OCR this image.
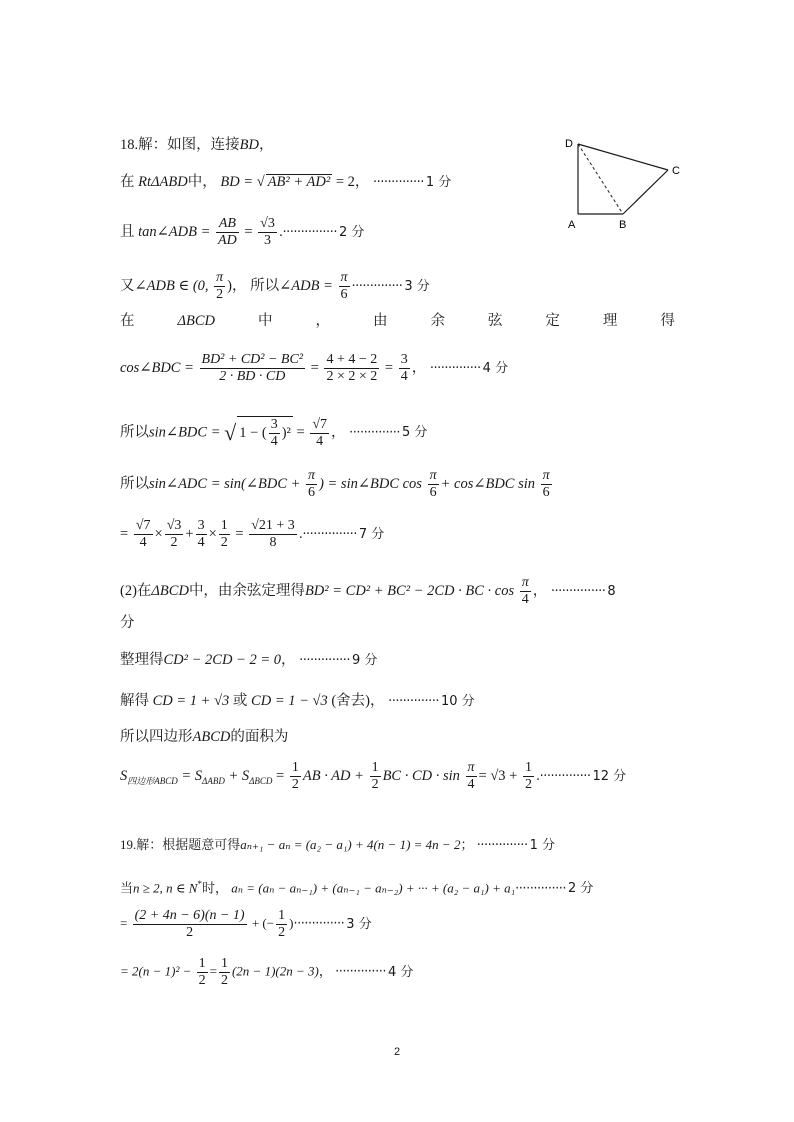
D
C
A	B
18.解：如图，连接BD，
在 RtΔABD中， BD = √ AB² + AD² = 2， ·············· 1 分
且 tan∠ADB = $\frac{AB}{AD} = \frac{√3}{3}$ .··············· 2 分
又∠ADB ∈ (0, $\frac{\pi}{2}$ )， 所以∠ADB = $\frac{\pi}{6}$ ·············· 3 分
在	ΔBCD	中	，	由	余	弦	定	理	得
cos∠BDC = $\frac{\text{BD² + CD² − BC²}}{2 \cdot BD \cdot CD} = \frac{4 + 4 - 2}{2 \times 2 \times 2} = \frac{3}{4}$ ， ·············· 4 分
所以sin∠BDC = √ 1 − ( $\frac{3}{4} )^2 = \frac{√7}{4}$ ， ·············· 5 分
所以sin∠ADC = sin(∠BDC + $\frac{\pi}{6}$ ) = sin∠BDC $\cos \frac{\pi}{6}$ + cos∠BDC $\sin \frac{\pi}{6}$
= $\frac{√7}{4} \times \frac{√3}{2} + \frac{3}{4} \times \frac{1}{2} = \frac{√21 + 3}{8}$ .··············· 7 分
(2)在ΔBCD中，由余弦定理得BD² = CD² + BC² − 2CD · BC · $\cos \frac{\pi}{4}$ ， ··············· 8
分
整理得CD² − 2CD − 2 = 0， ·············· 9 分
解得 CD = 1 + √3 或 CD = 1 − √3 (舍去)， ·············· 10 分
所以四边形ABCD的面积为
$S_{四边形ABCD} = S_{\Delta ABD} + S_{\Delta BCD} = \frac{1}{2}$ AB · AD + $\frac{1}{2}$ BC · CD · $\sin \frac{\pi}{4} = √3 + \frac{1}{2}$ .·············· 12 分
19.解：根据题意可得aₙ₊₁ − aₙ = (a₂ − a₁) + 4(n − 1) = 4n − 2； ·············· 1 分
当n ≥ 2, n ∈ N*时， aₙ = (aₙ − aₙ₋₁) + (aₙ₋₁ − aₙ₋₂) + ··· + (a₂ − a₁) + a₁·············· 2 分
= $\frac{(2 + 4n - 6)(n - 1)}{2}$ + (− $\frac{1}{2}$ )·············· 3 分
= $2(n - 1)^2 - \frac{1}{2} = \frac{1}{2} (2n - 1)(2n - 3)$， ·············· 4 分
2
